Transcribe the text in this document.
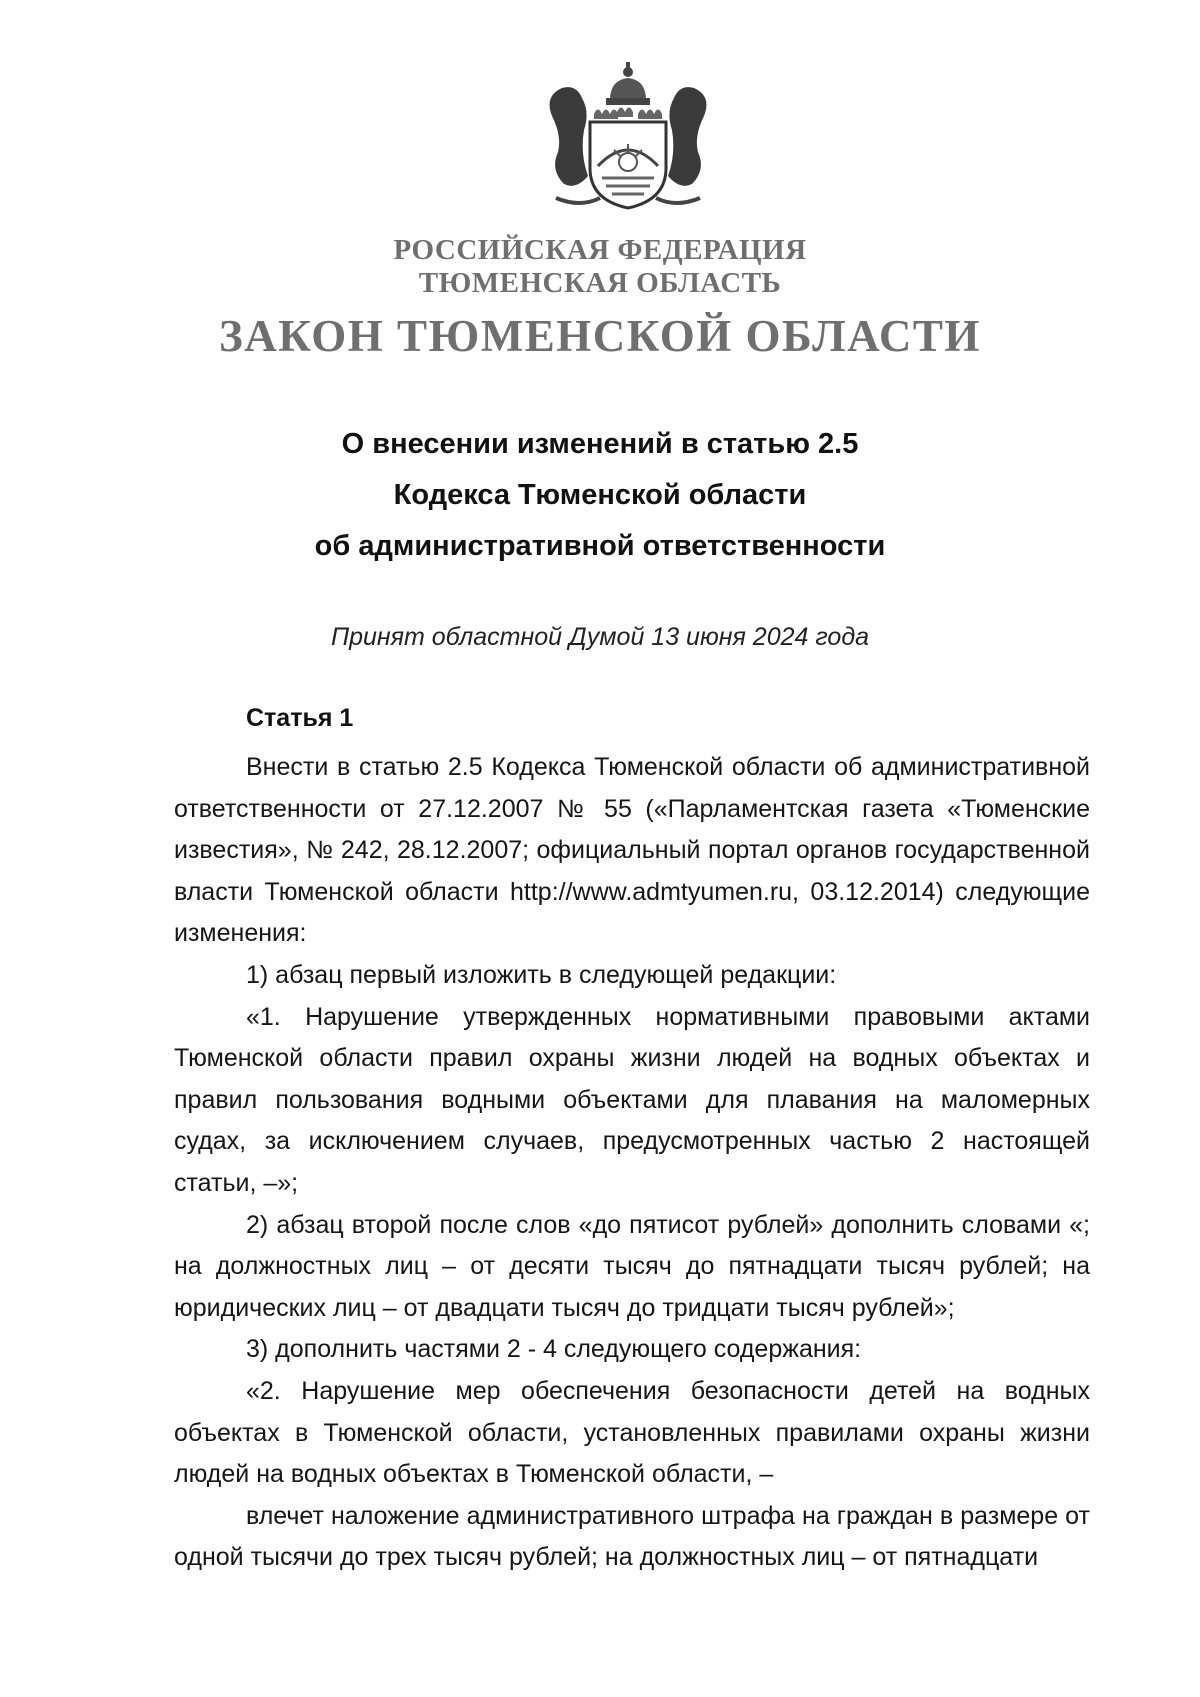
РОССИЙСКАЯ ФЕДЕРАЦИЯ
ТЮМЕНСКАЯ ОБЛАСТЬ
ЗАКОН ТЮМЕНСКОЙ ОБЛАСТИ
О внесении изменений в статью 2.5
Кодекса Тюменской области
об административной ответственности
Принят областной Думой 13 июня 2024 года
Статья 1

Внести в статью 2.5 Кодекса Тюменской области об административной ответственности от 27.12.2007 № 55 («Парламентская газета «Тюменские известия», № 242, 28.12.2007; официальный портал органов государственной власти Тюменской области http://www.admtyumen.ru, 03.12.2014) следующие изменения:

1) абзац первый изложить в следующей редакции:

«1. Нарушение утвержденных нормативными правовыми актами Тюменской области правил охраны жизни людей на водных объектах и правил пользования водными объектами для плавания на маломерных судах, за исключением случаев, предусмотренных частью 2 настоящей статьи, –»;

2) абзац второй после слов «до пятисот рублей» дополнить словами «; на должностных лиц – от десяти тысяч до пятнадцати тысяч рублей; на юридических лиц – от двадцати тысяч до тридцати тысяч рублей»;

3) дополнить частями 2 - 4 следующего содержания:

«2. Нарушение мер обеспечения безопасности детей на водных объектах в Тюменской области, установленных правилами охраны жизни людей на водных объектах в Тюменской области, –

влечет наложение административного штрафа на граждан в размере от одной тысячи до трех тысяч рублей; на должностных лиц – от пятнадцати
